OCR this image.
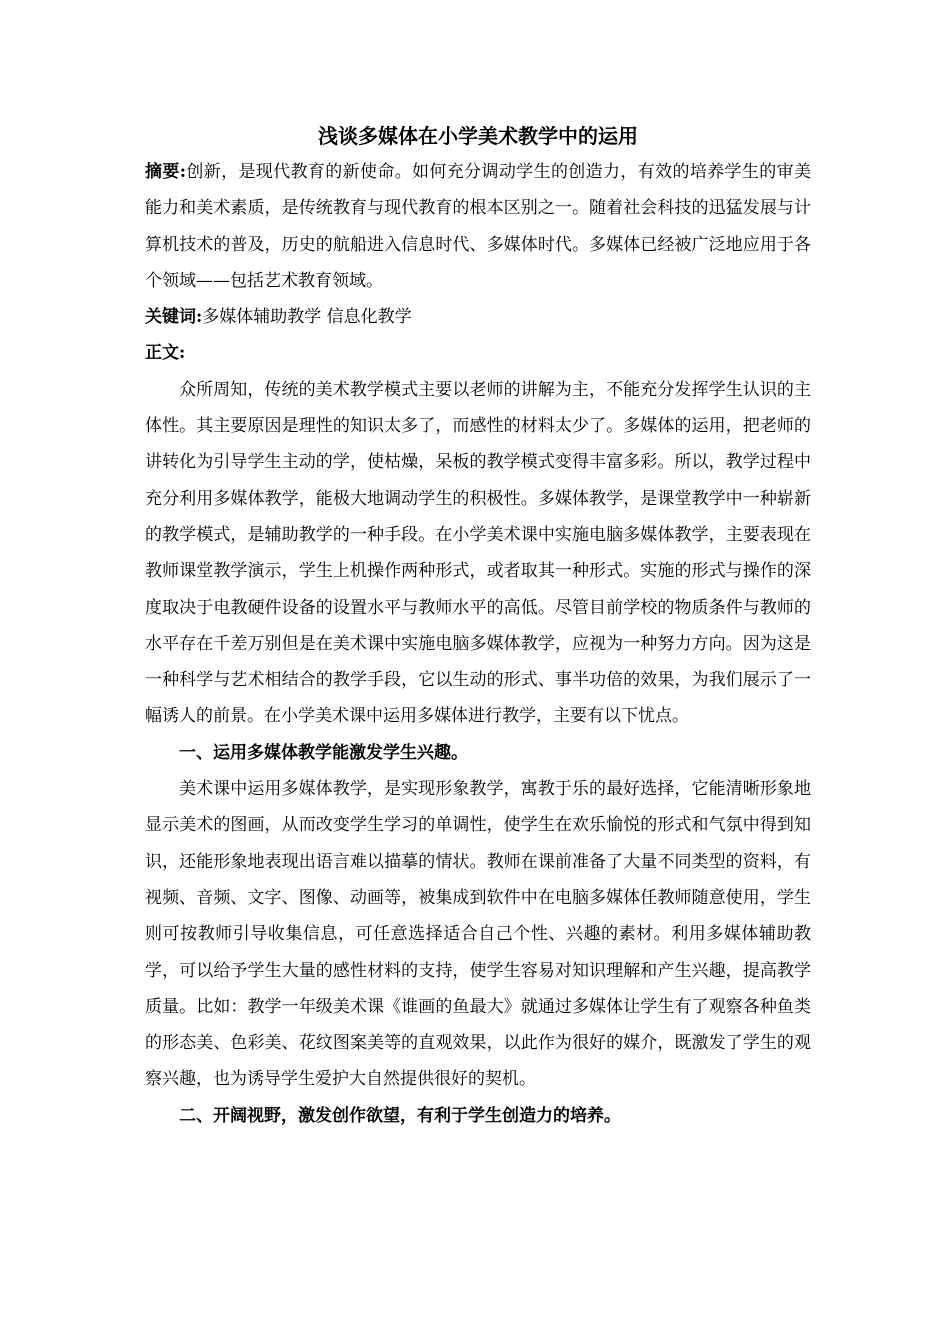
浅谈多媒体在小学美术教学中的运用

摘要:创新，是现代教育的新使命。如何充分调动学生的创造力，有效的培养学生的审美能力和美术素质，是传统教育与现代教育的根本区别之一。随着社会科技的迅猛发展与计算机技术的普及，历史的航船进入信息时代、多媒体时代。多媒体已经被广泛地应用于各个领域——包括艺术教育领域。

关键词:多媒体辅助教学 信息化教学

正文:

众所周知，传统的美术教学模式主要以老师的讲解为主，不能充分发挥学生认识的主体性。其主要原因是理性的知识太多了，而感性的材料太少了。多媒体的运用，把老师的讲转化为引导学生主动的学，使枯燥，呆板的教学模式变得丰富多彩。所以，教学过程中充分利用多媒体教学，能极大地调动学生的积极性。多媒体教学，是课堂教学中一种崭新的教学模式，是辅助教学的一种手段。在小学美术课中实施电脑多媒体教学，主要表现在教师课堂教学演示，学生上机操作两种形式，或者取其一种形式。实施的形式与操作的深度取决于电教硬件设备的设置水平与教师水平的高低。尽管目前学校的物质条件与教师的水平存在千差万别但是在美术课中实施电脑多媒体教学，应视为一种努力方向。因为这是一种科学与艺术相结合的教学手段，它以生动的形式、事半功倍的效果，为我们展示了一幅诱人的前景。在小学美术课中运用多媒体进行教学，主要有以下忧点。

一、运用多媒体教学能激发学生兴趣。

美术课中运用多媒体教学，是实现形象教学，寓教于乐的最好选择，它能清晰形象地显示美术的图画，从而改变学生学习的单调性，使学生在欢乐愉悦的形式和气氛中得到知识，还能形象地表现出语言难以描摹的情状。教师在课前准备了大量不同类型的资料，有视频、音频、文字、图像、动画等，被集成到软件中在电脑多媒体任教师随意使用，学生则可按教师引导收集信息，可任意选择适合自己个性、兴趣的素材。利用多媒体辅助教学，可以给予学生大量的感性材料的支持，使学生容易对知识理解和产生兴趣，提高教学质量。比如：教学一年级美术课《谁画的鱼最大》就通过多媒体让学生有了观察各种鱼类的形态美、色彩美、花纹图案美等的直观效果，以此作为很好的媒介，既激发了学生的观察兴趣，也为诱导学生爱护大自然提供很好的契机。

二、开阔视野，激发创作欲望，有利于学生创造力的培养。
